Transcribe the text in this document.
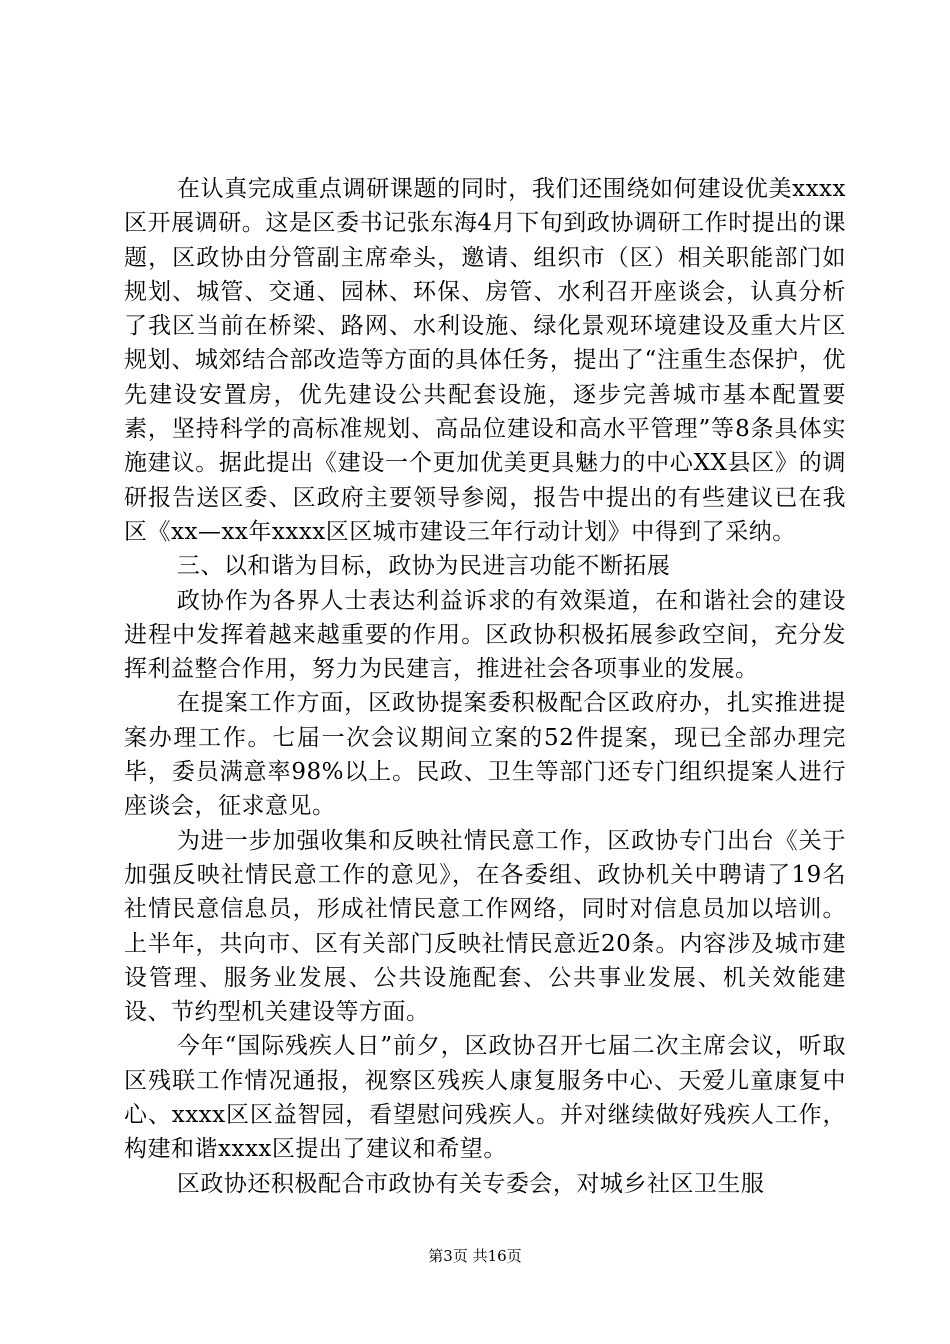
在认真完成重点调研课题的同时，我们还围绕如何建设优美xxxx区开展调研。这是区委书记张东海4月下旬到政协调研工作时提出的课题，区政协由分管副主席牵头，邀请、组织市（区）相关职能部门如规划、城管、交通、园林、环保、房管、水利召开座谈会，认真分析了我区当前在桥梁、路网、水利设施、绿化景观环境建设及重大片区规划、城郊结合部改造等方面的具体任务，提出了“注重生态保护，优先建设安置房，优先建设公共配套设施，逐步完善城市基本配置要素，坚持科学的高标准规划、高品位建设和高水平管理”等8条具体实施建议。据此提出《建设一个更加优美更具魅力的中心XX县区》的调研报告送区委、区政府主要领导参阅，报告中提出的有些建议已在我区《xx—xx年xxxx区区城市建设三年行动计划》中得到了采纳。

三、以和谐为目标，政协为民进言功能不断拓展

政协作为各界人士表达利益诉求的有效渠道，在和谐社会的建设进程中发挥着越来越重要的作用。区政协积极拓展参政空间，充分发挥利益整合作用，努力为民建言，推进社会各项事业的发展。

在提案工作方面，区政协提案委积极配合区政府办，扎实推进提案办理工作。七届一次会议期间立案的52件提案，现已全部办理完毕，委员满意率98%以上。民政、卫生等部门还专门组织提案人进行座谈会，征求意见。

为进一步加强收集和反映社情民意工作，区政协专门出台《关于加强反映社情民意工作的意见》，在各委组、政协机关中聘请了19名社情民意信息员，形成社情民意工作网络，同时对信息员加以培训。上半年，共向市、区有关部门反映社情民意近20条。内容涉及城市建设管理、服务业发展、公共设施配套、公共事业发展、机关效能建设、节约型机关建设等方面。

今年“国际残疾人日”前夕，区政协召开七届二次主席会议，听取区残联工作情况通报，视察区残疾人康复服务中心、天爱儿童康复中心、xxxx区区益智园，看望慰问残疾人。并对继续做好残疾人工作，构建和谐xxxx区提出了建议和希望。

区政协还积极配合市政协有关专委会，对城乡社区卫生服

第3页 共16页
